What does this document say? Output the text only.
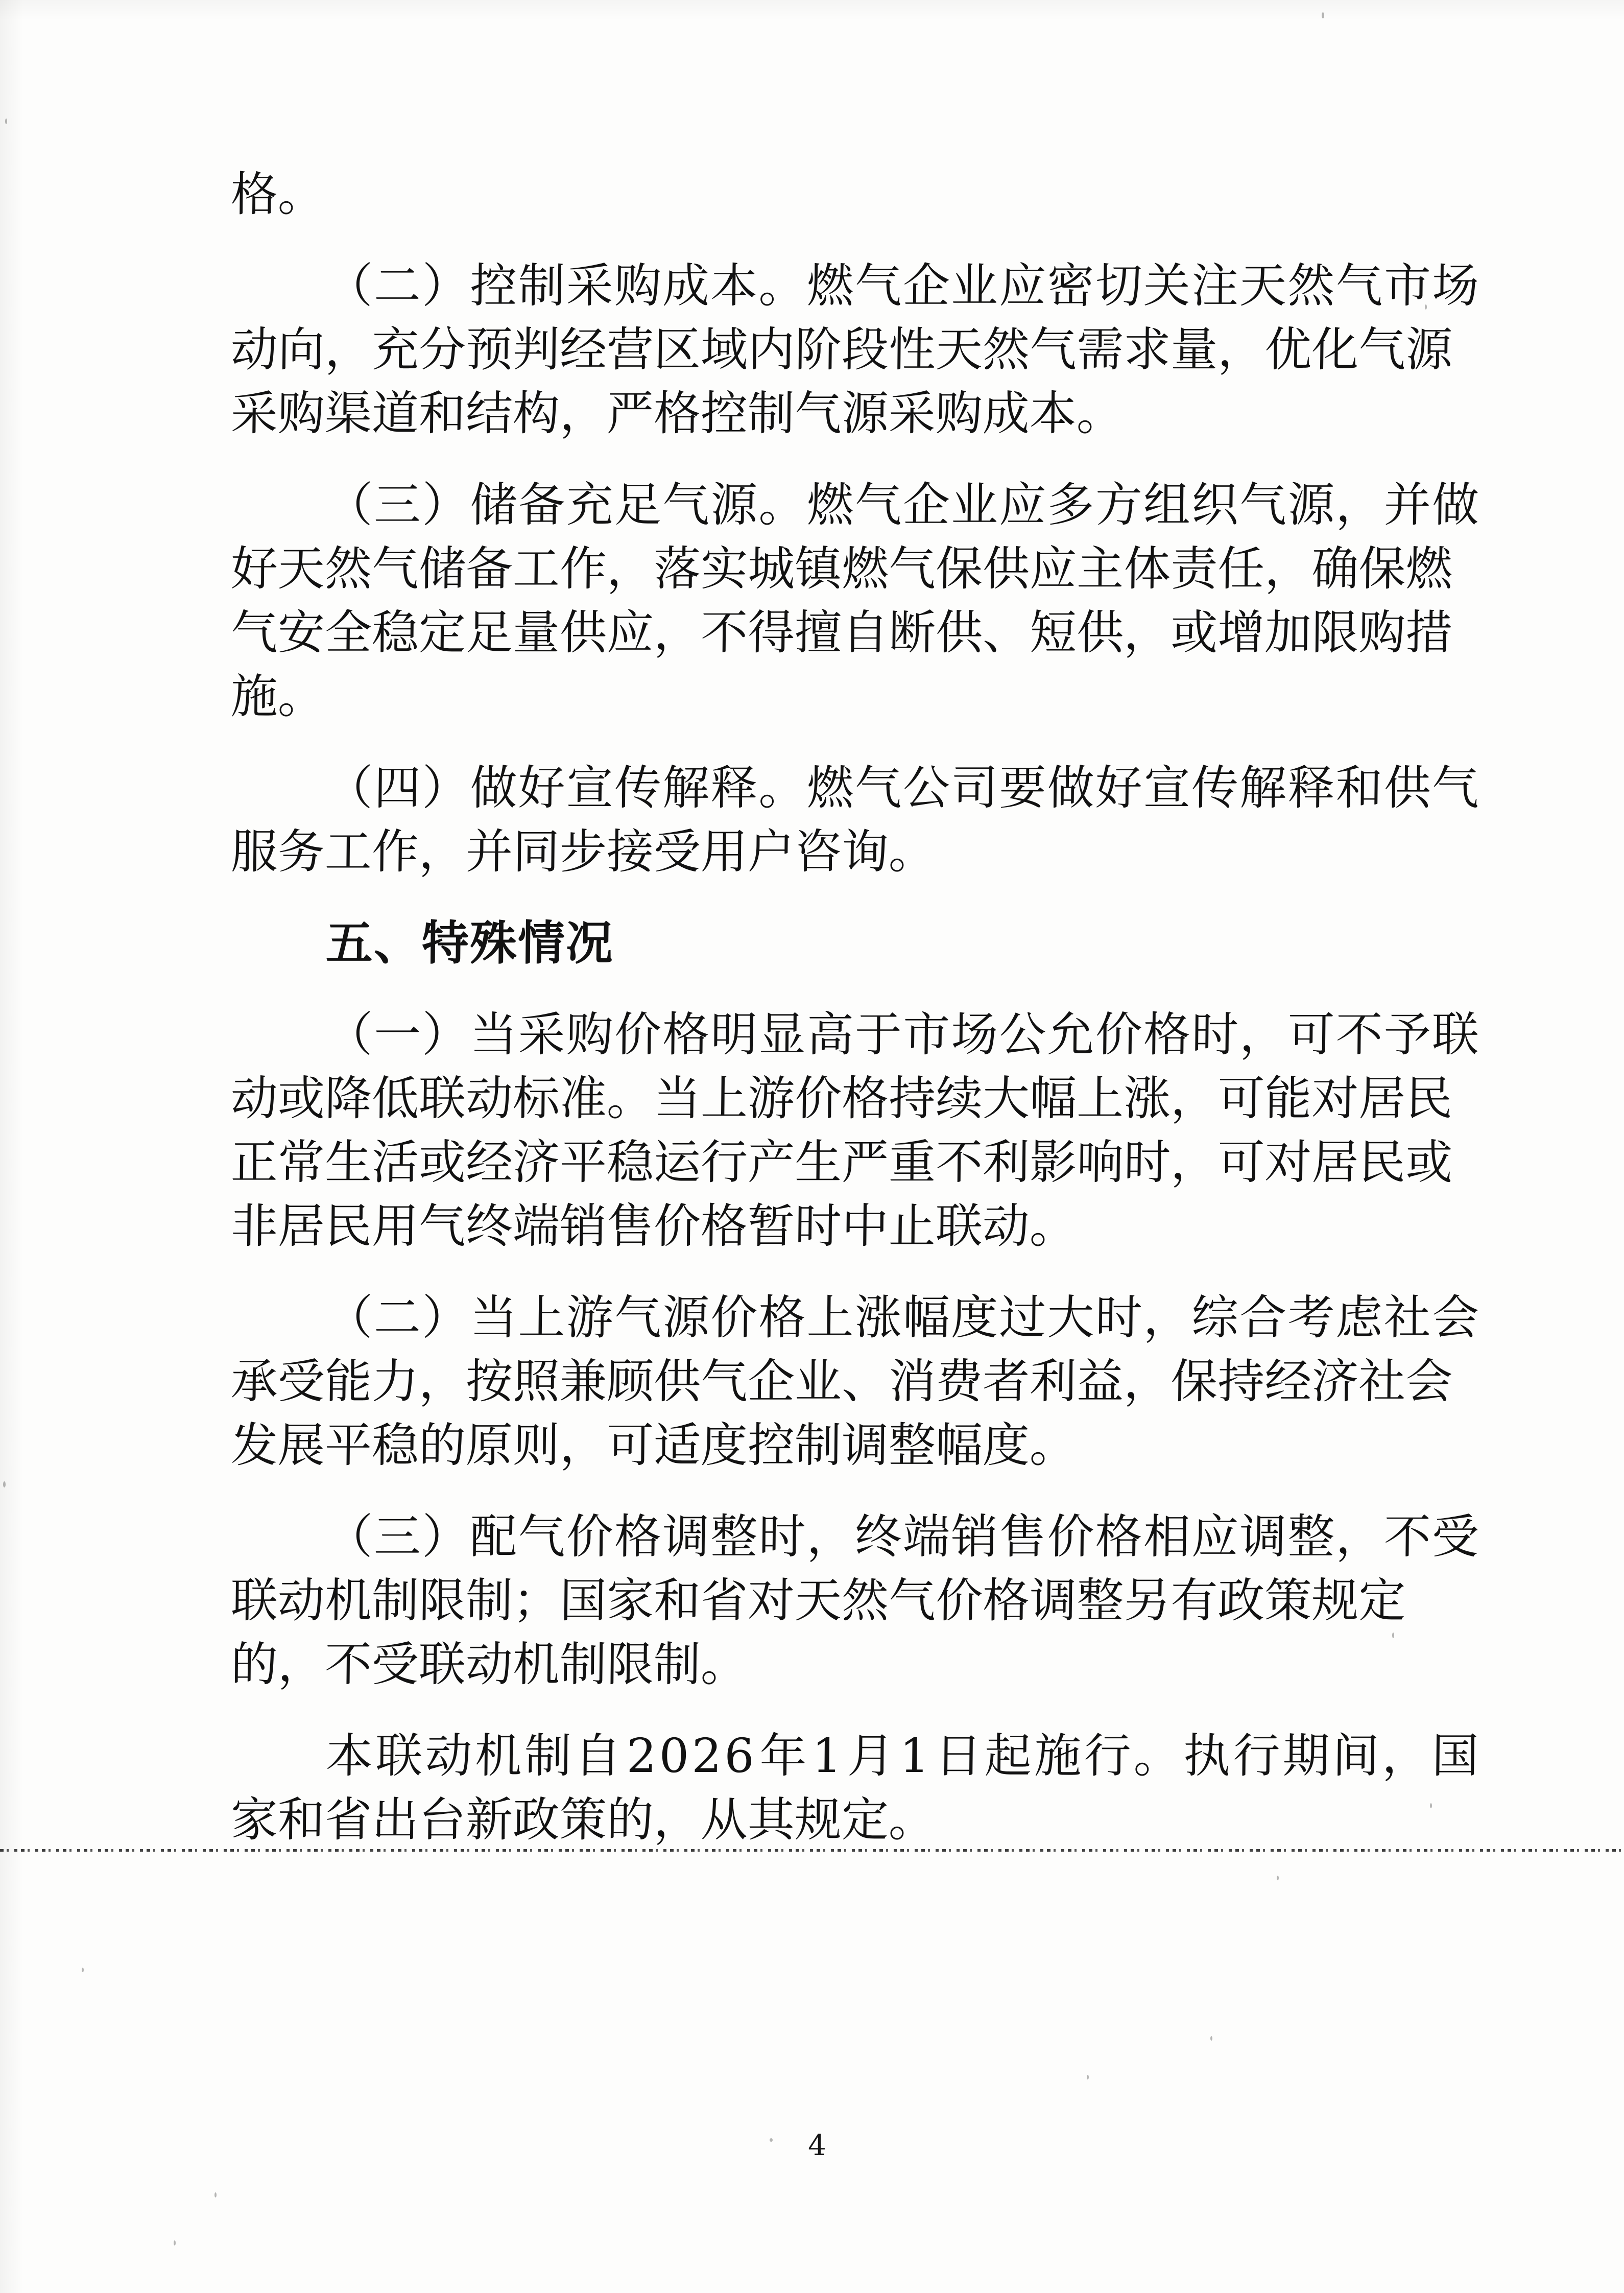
格。
（ 二 ） 控 制 采 购 成 本 。 燃 气 企 业 应 密 切 关 注 天 然 气 市 场
动
向
，
充
分
预
判
经
营
区
域
内
阶
段
性
天
然
气
需
求
量
，
优
化
气
源
采购渠道和结构，严格控制气源采购成本。
（ 三 ） 储 备 充 足 气 源 。 燃 气 企 业 应 多 方 组 织 气 源 ， 并 做
好
天
然
气
储
备
工
作
，
落
实
城
镇
燃
气
保
供
应
主
体
责
任
，
确
保
燃
气
安
全
稳
定
足
量
供
应
，
不
得
擅
自
断
供
、
短
供
，
或
增
加
限
购
措
施。
（ 四 ） 做 好 宣 传 解 释 。 燃 气 公 司 要 做 好 宣 传 解 释 和 供 气
服务工作，并同步接受用户咨询。
五、特殊情况
（ 一 ） 当 采 购 价 格 明 显 高 于 市 场 公 允 价 格 时 ， 可 不 予 联
动
或
降
低
联
动
标
准
。
当
上
游
价
格
持
续
大
幅
上
涨
，
可
能
对
居
民
正
常
生
活
或
经
济
平
稳
运
行
产
生
严
重
不
利
影
响
时
，
可
对
居
民
或
非居民用气终端销售价格暂时中止联动。
（ 二 ） 当 上 游 气 源 价 格 上 涨 幅 度 过 大 时 ， 综 合 考 虑 社 会
承
受
能
力
，
按
照
兼
顾
供
气
企
业
、
消
费
者
利
益
，
保
持
经
济
社
会
发展平稳的原则，可适度控制调整幅度。
（ 三 ） 配 气 价 格 调 整 时 ， 终 端 销 售 价 格 相 应 调 整 ， 不 受
联
动
机
制
限
制
；
国
家
和
省
对
天
然
气
价
格
调
整
另
有
政
策
规
定
的，不受联动机制限制。
本 联 动 机 制 自 2 0 2 6 年 1 月 1 日 起 施 行 。 执 行 期 间 ， 国
家和省出台新政策的，从其规定。
4
